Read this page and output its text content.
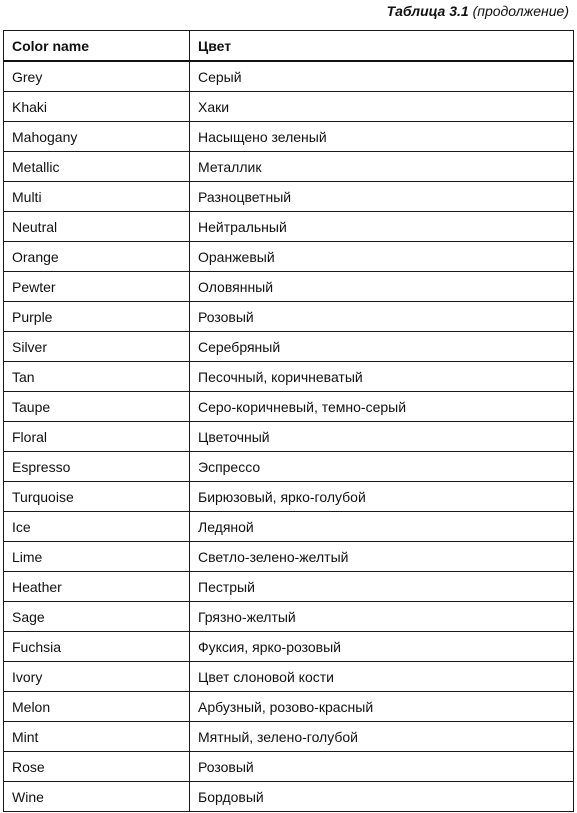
Таблица 3.1 (продолжение)
Color name	Цвет
Grey	Серый
Khaki	Хаки
Mahogany	Насыщено зеленый
Metallic	Металлик
Multi	Разноцветный
Neutral	Нейтральный
Orange	Оранжевый
Pewter	Оловянный
Purple	Розовый
Silver	Серебряный
Tan	Песочный, коричневатый
Taupe	Серо-коричневый, темно-серый
Floral	Цветочный
Espresso	Эспрессо
Turquoise	Бирюзовый, ярко-голубой
Ice	Ледяной
Lime	Светло-зелено-желтый
Heather	Пестрый
Sage	Грязно-желтый
Fuchsia	Фуксия, ярко-розовый
Ivory	Цвет слоновой кости
Melon	Арбузный, розово-красный
Mint	Мятный, зелено-голубой
Rose	Розовый
Wine	Бордовый
